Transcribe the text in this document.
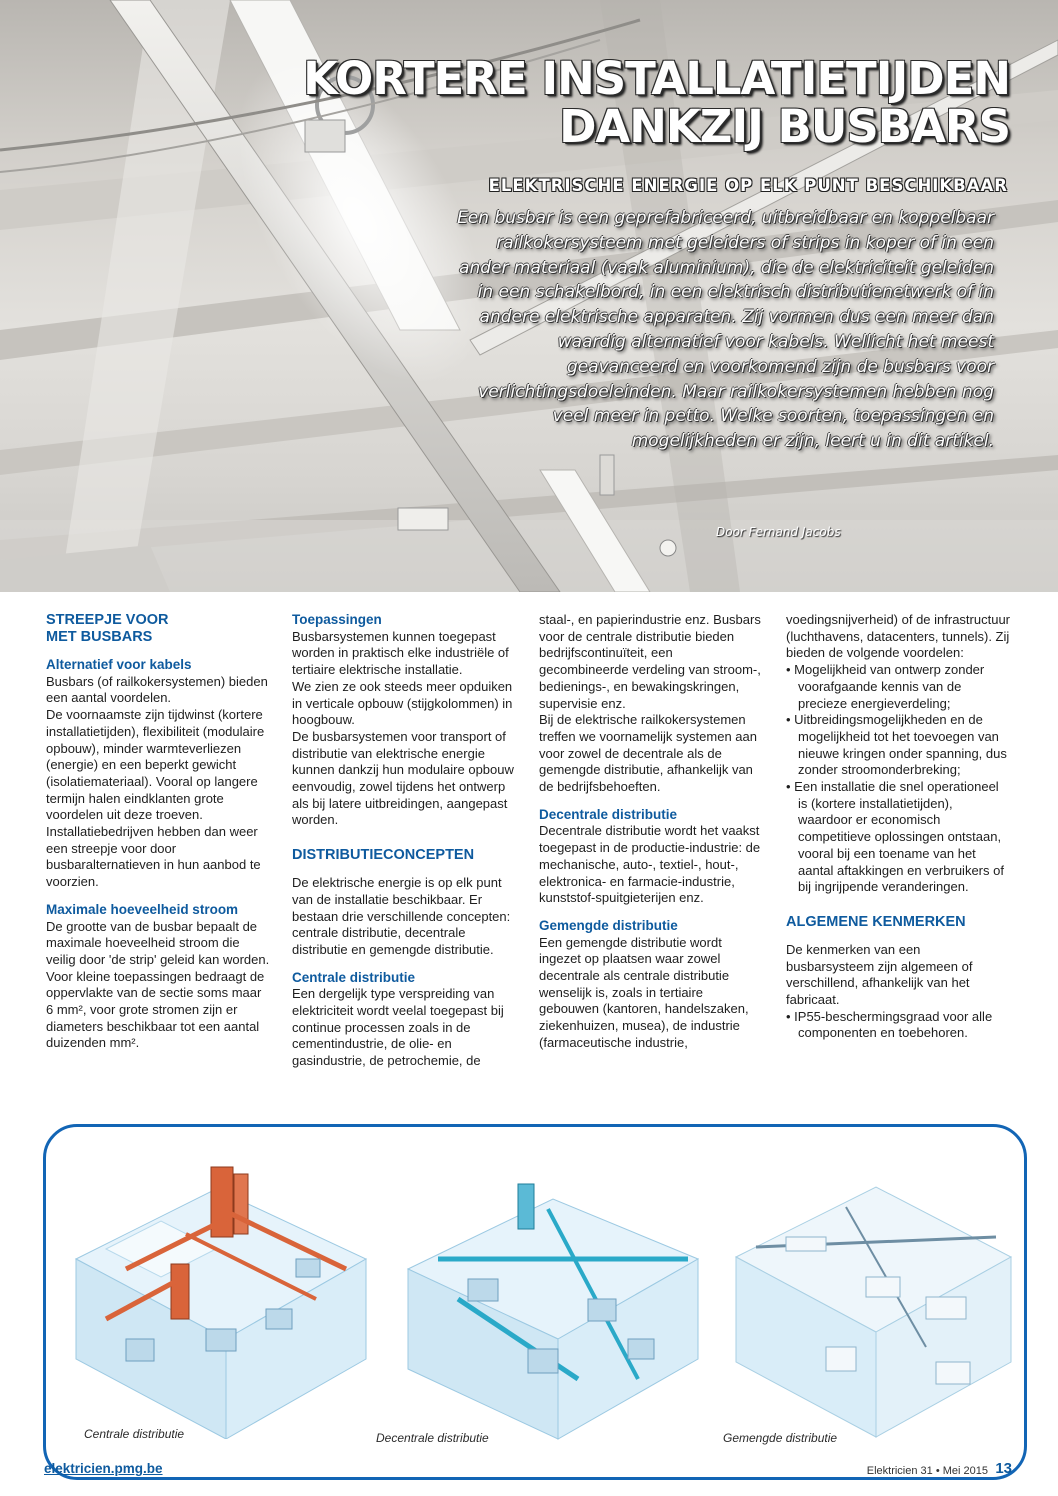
KORTERE INSTALLATIETIJDEN
DANKZIJ BUSBARS
ELEKTRISCHE ENERGIE OP ELK PUNT BESCHIKBAAR

Een busbar is een geprefabriceerd, uitbreidbaar en koppelbaar railkokersysteem met geleiders of strips in koper of in een ander materiaal (vaak aluminium), die de elektriciteit geleiden in een schakelbord, in een elektrisch distributienetwerk of in andere elektrische apparaten. Zij vormen dus een meer dan waardig alternatief voor kabels. Wellicht het meest geavanceerd en voorkomend zijn de busbars voor verlichtingsdoeleinden. Maar railkokersystemen hebben nog veel meer in petto. Welke soorten, toepassingen en mogelijkheden er zijn, leert u in dit artikel.

Door Fernand Jacobs

STREEPJE VOOR
MET BUSBARS

Alternatief voor kabels

Busbars (of railkokersystemen) bieden een aantal voordelen.

De voornaamste zijn tijdwinst (kortere installatietijden), flexibiliteit (modulaire opbouw), minder warmteverliezen (energie) en een beperkt gewicht (isolatiemateriaal). Vooral op langere termijn halen eindklanten grote voordelen uit deze troeven.

Installatiebedrijven hebben dan weer een streepje voor door busbaralternatieven in hun aanbod te voorzien.

Maximale hoeveelheid stroom

De grootte van de busbar bepaalt de maximale hoeveelheid stroom die veilig door 'de strip' geleid kan worden.

Voor kleine toepassingen bedraagt de oppervlakte van de sectie soms maar 6 mm², voor grote stromen zijn er diameters beschikbaar tot een aantal duizenden mm².

Toepassingen

Busbarsystemen kunnen toegepast worden in praktisch elke industriële of tertiaire elektrische installatie.

We zien ze ook steeds meer opduiken in verticale opbouw (stijgkolommen) in hoogbouw.

De busbarsystemen voor transport of distributie van elektrische energie kunnen dankzij hun modulaire opbouw eenvoudig, zowel tijdens het ontwerp als bij latere uitbreidingen, aangepast worden.

DISTRIBUTIECONCEPTEN

De elektrische energie is op elk punt van de installatie beschikbaar. Er bestaan drie verschillende concepten: centrale distributie, decentrale distributie en gemengde distributie.

Centrale distributie

Een dergelijk type verspreiding van elektriciteit wordt veelal toegepast bij continue processen zoals in de cementindustrie, de olie- en gasindustrie, de petrochemie, de

staal-, en papierindustrie enz. Busbars voor de centrale distributie bieden bedrijfscontinuïteit, een gecombineerde verdeling van stroom-, bedienings-, en bewakingskringen, supervisie enz.

Bij de elektrische railkokersystemen treffen we voornamelijk systemen aan voor zowel de decentrale als de gemengde distributie, afhankelijk van de bedrijfsbehoeften.

Decentrale distributie

Decentrale distributie wordt het vaakst toegepast in de productie-industrie: de mechanische, auto-, textiel-, hout-, elektronica- en farmacie-industrie, kunststof-spuitgieterijen enz.

Gemengde distributie

Een gemengde distributie wordt ingezet op plaatsen waar zowel decentrale als centrale distributie wenselijk is, zoals in tertiaire gebouwen (kantoren, handelszaken, ziekenhuizen, musea), de industrie (farmaceutische industrie,

voedingsnijverheid) of de infrastructuur (luchthavens, datacenters, tunnels). Zij bieden de volgende voordelen:

• Mogelijkheid van ontwerp zonder voorafgaande kennis van de precieze energieverdeling;
• Uitbreidingsmogelijkheden en de mogelijkheid tot het toevoegen van nieuwe kringen onder spanning, dus zonder stroomonderbreking;
• Een installatie die snel operationeel is (kortere installatietijden), waardoor er economisch competitieve oplossingen ontstaan, vooral bij een toename van het aantal aftakkingen en verbruikers of bij ingrijpende veranderingen.

ALGEMENE KENMERKEN

De kenmerken van een busbarsysteem zijn algemeen of verschillend, afhankelijk van het fabricaat.

• IP55-beschermingsgraad voor alle componenten en toebehoren.
Centrale distributie	Decentrale distributie	Gemengde distributie
elektricien.pmg.be	Elektricien 31 • Mei 2015 13
